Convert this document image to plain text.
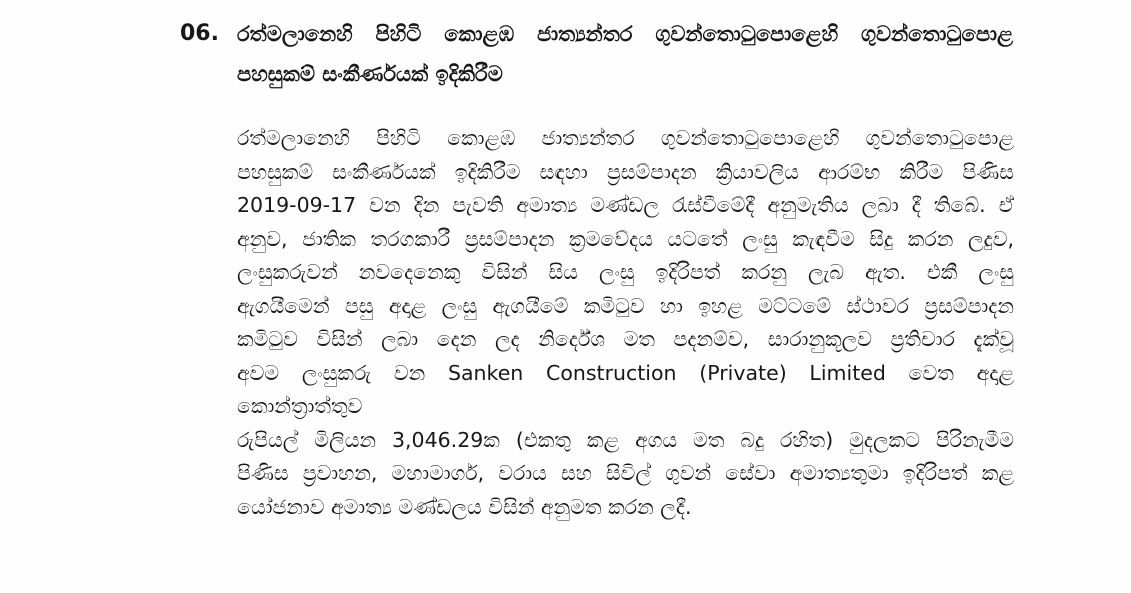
06. රත්මලානෙහි පිහිටි කොළඹ ජාත්‍යන්තර ගුවන්තොටුපොළෙහි ගුවන්තොටුපොළ
පහසුකම් සංකීර්ණයක් ඉදිකිරීම
රත්මලානෙහි පිහිටි කොළඹ ජාත්‍යන්තර ගුවන්තොටුපොළෙහි ගුවන්තොටුපොළ
පහසුකම් සංකීර්ණයක් ඉදිකිරීම සඳහා ප්‍රසම්පාදන ක්‍රියාවලිය ආරම්භ කිරීම පිණිස
2019-09-17 වන දින පැවති අමාත්‍ය මණ්ඩල රැස්වීමේදී අනුමැතිය ලබා දී තිබේ. ඒ
අනුව, ජාතික තරගකාරී ප්‍රසම්පාදන ක්‍රමවේදය යටතේ ලංසු කැඳවීම සිදු කරන ලදුව,
ලංසුකරුවන් නවදෙනෙකු විසින් සිය ලංසු ඉදිරිපත් කරනු ලැබ ඇත. එකී ලංසු
ඇගයීමෙන් පසු අදාළ ලංසු ඇගයීමේ කමිටුව හා ඉහළ මට්ටමේ ස්ථාවර ප්‍රසම්පාදන
කමිටුව විසින් ලබා දෙන ලද නිර්දේශ මත පදනම්ව, සාරානුකූලව ප්‍රතිචාර දැක්වූ
අවම ලංසුකරු වන Sanken Construction (Private) Limited වෙත අදාළ කොන්ත්‍රාත්තුව
රුපියල් මිලියන 3,046.29ක (එකතු කළ අගය මත බදු රහිත) මුදලකට පිරිනැමීම
පිණිස ප්‍රවාහන, මහාමාර්ග, වරාය සහ සිවිල් ගුවන් සේවා අමාත්‍යතුමා ඉදිරිපත් කළ
යෝජනාව අමාත්‍ය මණ්ඩලය විසින් අනුමත කරන ලදී.
